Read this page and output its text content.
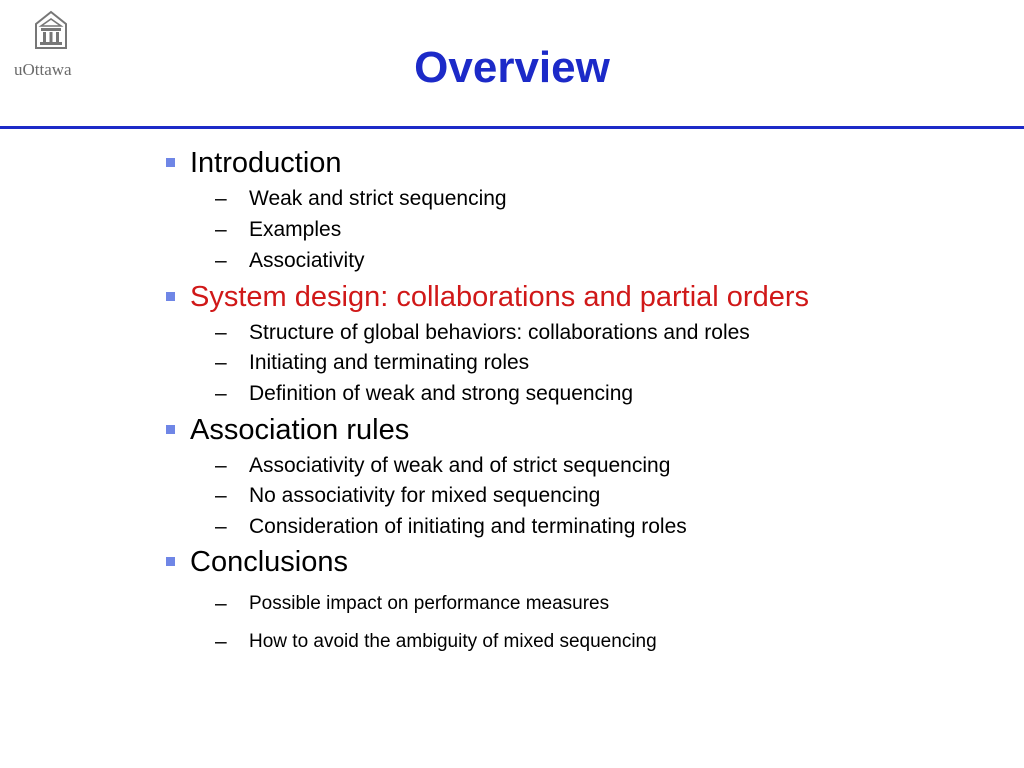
uOttawa	Overview
Introduction
– Weak and strict sequencing
– Examples
– Associativity
System design: collaborations and partial orders
– Structure of global behaviors: collaborations and roles
– Initiating and terminating roles
– Definition of weak and strong sequencing
Association rules
– Associativity of weak and of strict sequencing
– No associativity for mixed sequencing
– Consideration of initiating and terminating roles
Conclusions
– Possible impact on performance measures
– How to avoid the ambiguity of mixed sequencing
